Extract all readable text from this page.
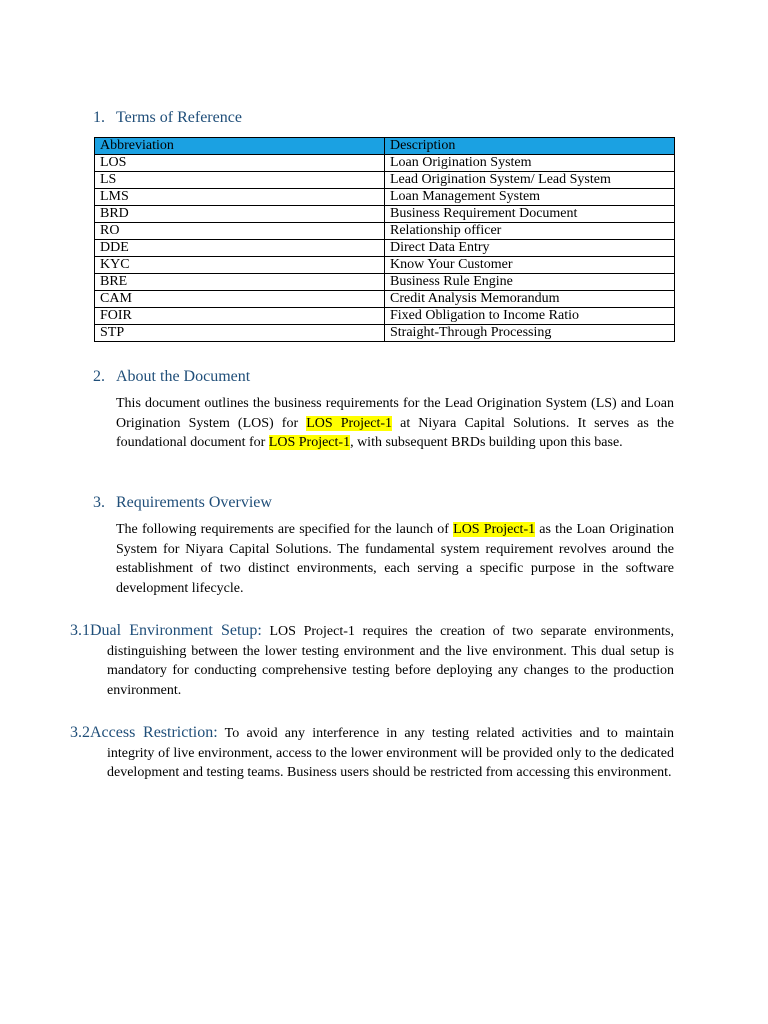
1. Terms of Reference
Abbreviation	Description
LOS	Loan Origination System
LS	Lead Origination System/ Lead System
LMS	Loan Management System
BRD	Business Requirement Document
RO	Relationship officer
DDE	Direct Data Entry
KYC	Know Your Customer
BRE	Business Rule Engine
CAM	Credit Analysis Memorandum
FOIR	Fixed Obligation to Income Ratio
STP	Straight-Through Processing
2. About the Document
This document outlines the business requirements for the Lead Origination System (LS) and Loan Origination System (LOS) for LOS Project-1 at Niyara Capital Solutions. It serves as the foundational document for LOS Project-1, with subsequent BRDs building upon this base.
3. Requirements Overview
The following requirements are specified for the launch of LOS Project-1 as the Loan Origination System for Niyara Capital Solutions. The fundamental system requirement revolves around the establishment of two distinct environments, each serving a specific purpose in the software development lifecycle.
3.1Dual Environment Setup: LOS Project-1 requires the creation of two separate environments, distinguishing between the lower testing environment and the live environment. This dual setup is mandatory for conducting comprehensive testing before deploying any changes to the production environment.
3.2Access Restriction: To avoid any interference in any testing related activities and to maintain integrity of live environment, access to the lower environment will be provided only to the dedicated development and testing teams. Business users should be restricted from accessing this environment.
